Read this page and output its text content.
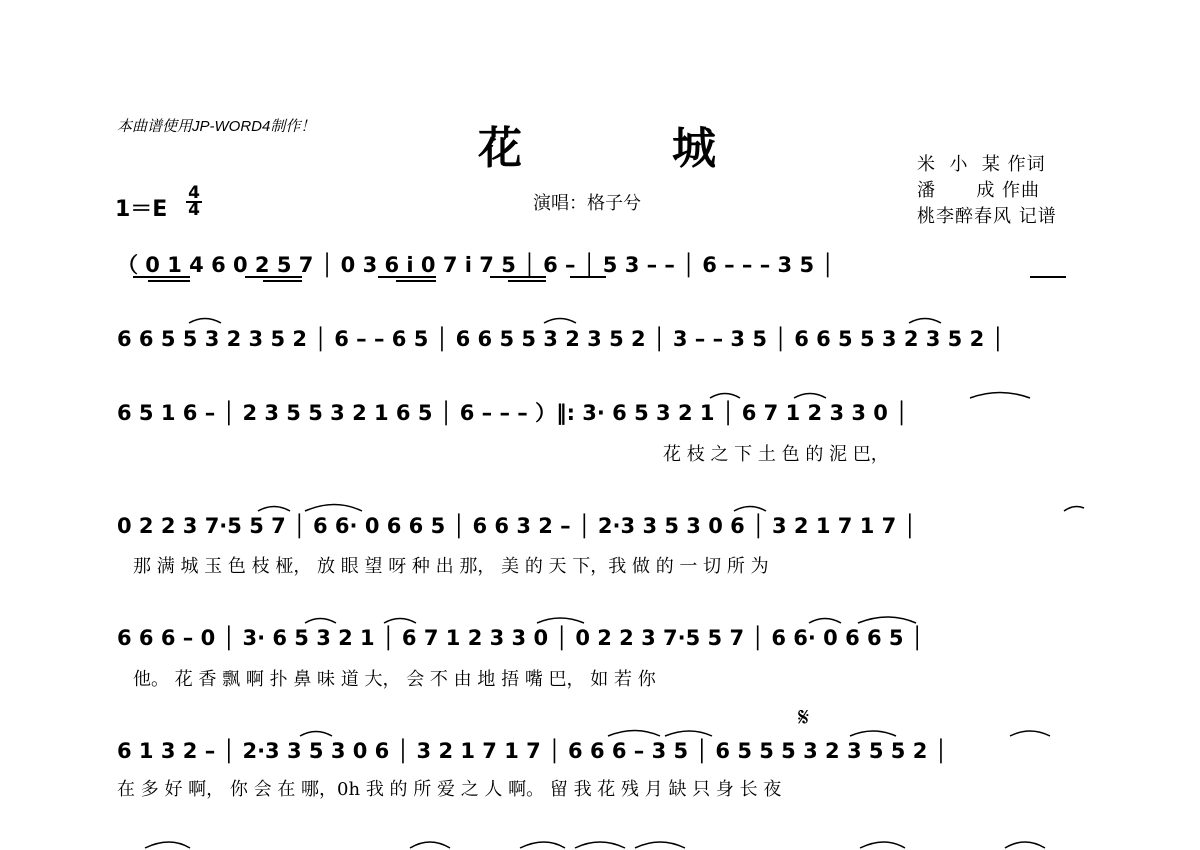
本曲谱使用JP-WORD4制作！	花	城
演唱：格子兮
米  小  某 作词
潘      成 作曲
桃李醉春风 记谱
1＝E
4
4
（ 0 1 4 6 0 2 5 7 │ 0 3 6 i̇ 0 7 i̇ 7 5 │ 6 – │ 5 3 – – │ 6 – – – 3 5 │
6 6 5 5 3 2 3 5 2 │ 6 – – 6 5 │ 6 6 5 5 3 2 3 5 2 │ 3 – – 3 5 │ 6 6 5 5 3 2 3 5 2 │
6 5 1 6 – │ 2 3 5 5 3 2 1 6 5 │ 6 – – – ）‖: 3· 6 5 3 2 1 │ 6 7 1 2 3 3 0 │
花 枝 之 下 土 色 的 泥 巴，
0 2 2 3 7·5 5 7 │ 6 6· 0 6 6 5 │ 6 6 3 2 – │ 2·3 3 5 3 0 6 │ 3 2 1 7 1 7 │
那 满 城 玉 色 枝 桠， 放 眼 望 呀 种 出 那， 美 的 天 下，我 做 的 一 切 所 为
6 6 6 – 0 │ 3· 6 5 3 2 1 │ 6 7 1 2 3 3 0 │ 0 2 2 3 7·5 5 7 │ 6 6· 0 6 6 5 │
他。 花 香 飘 啊 扑 鼻 味 道 大， 会 不 由 地 捂 嘴 巴， 如 若 你
6 1 3 2 – │ 2·3 3 5 3 0 6 │ 3 2 1 7 1 7 │ 6 6 6 – 3 5 │ 6 5 5 5 3 2 3 5 5 2 │
在 多 好 啊， 你 会 在 哪，0h 我 的 所 爱 之 人 啊。 留 我 花 残 月 缺 只 身 长 夜
𝄋
